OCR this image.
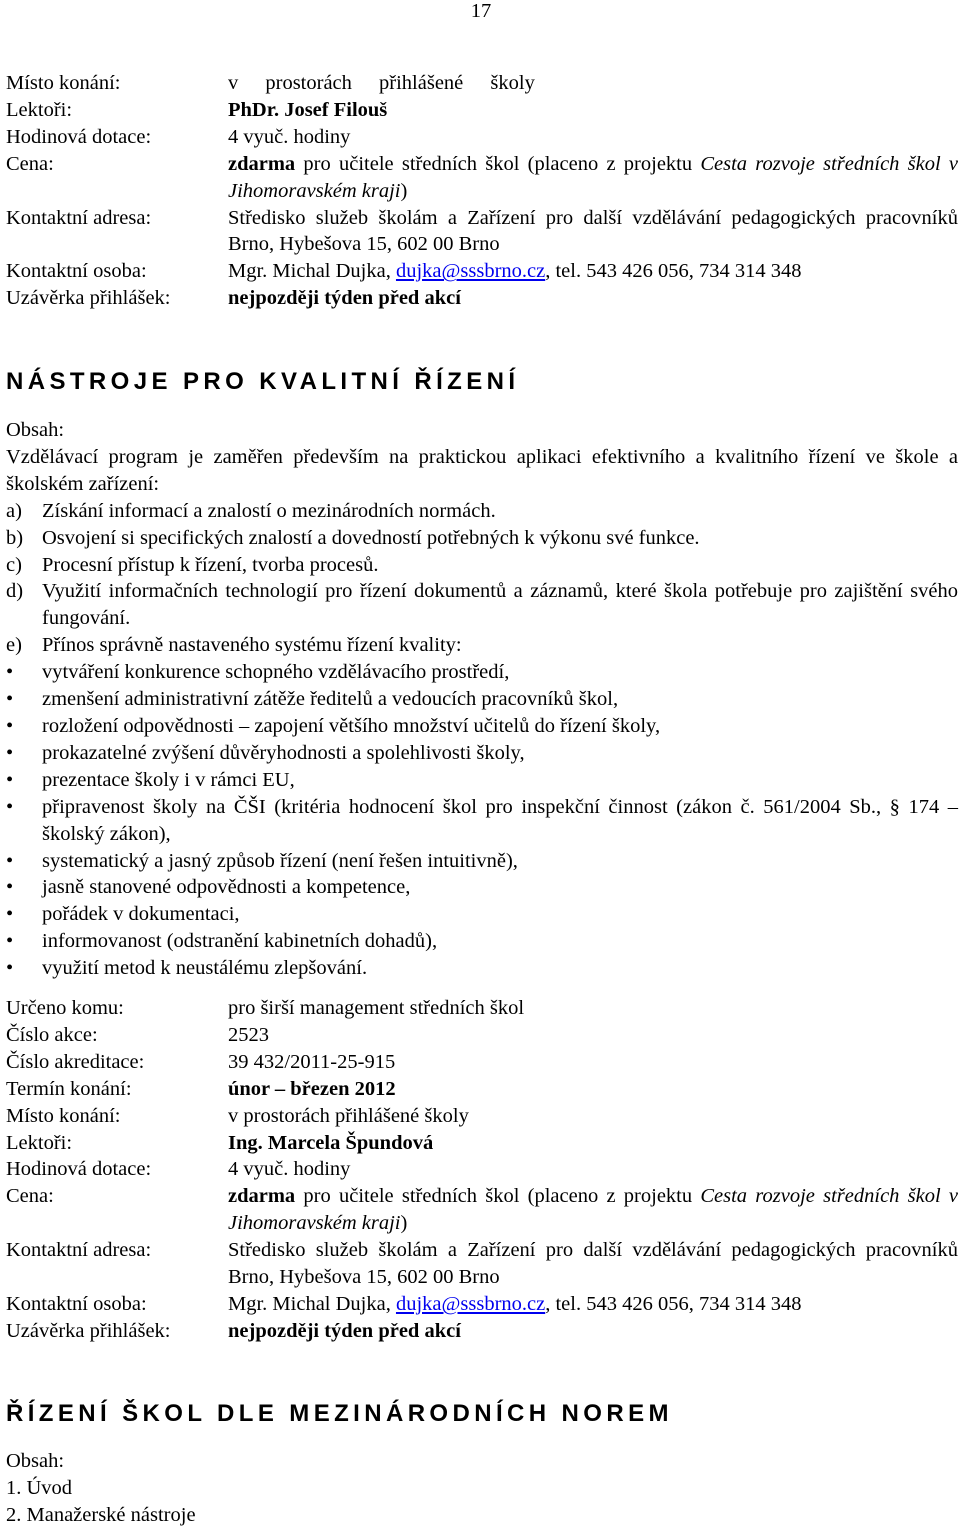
17
Místo konání:	v prostorách přihlášené školy
Lektoři:	PhDr. Josef Filouš
Hodinová dotace:	4 vyuč. hodiny
Cena:	zdarma pro učitele středních škol (placeno z projektu Cesta rozvoje středních škol v Jihomoravském kraji)
Kontaktní adresa:	Středisko služeb školám a Zařízení pro další vzdělávání pedagogických pracovníků Brno, Hybešova 15, 602 00 Brno
Kontaktní osoba:	Mgr. Michal Dujka, dujka@sssbrno.cz, tel. 543 426 056, 734 314 348
Uzávěrka přihlášek:	nejpozději týden před akcí
NÁSTROJE PRO KVALITNÍ ŘÍZENÍ
Obsah:
Vzdělávací program je zaměřen především na praktickou aplikaci efektivního a kvalitního řízení ve škole a školském zařízení:
a) Získání informací a znalostí o mezinárodních normách.
b) Osvojení si specifických znalostí a dovedností potřebných k výkonu své funkce.
c) Procesní přístup k řízení, tvorba procesů.
d) Využití informačních technologií pro řízení dokumentů a záznamů, které škola potřebuje pro zajištění svého fungování.
e) Přínos správně nastaveného systému řízení kvality:
•	vytváření konkurence schopného vzdělávacího prostředí,
•	zmenšení administrativní zátěže ředitelů a vedoucích pracovníků škol,
•	rozložení odpovědnosti – zapojení většího množství učitelů do řízení školy,
•	prokazatelné zvýšení důvěryhodnosti a spolehlivosti školy,
•	prezentace školy i v rámci EU,
•	připravenost školy na ČŠI (kritéria hodnocení škol pro inspekční činnost (zákon č. 561/2004 Sb., § 174 – školský zákon),
•	systematický a jasný způsob řízení (není řešen intuitivně),
•	jasně stanovené odpovědnosti a kompetence,
•	pořádek v dokumentaci,
•	informovanost (odstranění kabinetních dohadů),
•	využití metod k neustálému zlepšování.
Určeno komu:	pro širší management středních škol
Číslo akce:	2523
Číslo akreditace:	39 432/2011-25-915
Termín konání:	únor – březen 2012
Místo konání:	v prostorách přihlášené školy
Lektoři:	Ing. Marcela Špundová
Hodinová dotace:	4 vyuč. hodiny
Cena:	zdarma pro učitele středních škol (placeno z projektu Cesta rozvoje středních škol v Jihomoravském kraji)
Kontaktní adresa:	Středisko služeb školám a Zařízení pro další vzdělávání pedagogických pracovníků Brno, Hybešova 15, 602 00 Brno
Kontaktní osoba:	Mgr. Michal Dujka, dujka@sssbrno.cz, tel. 543 426 056, 734 314 348
Uzávěrka přihlášek:	nejpozději týden před akcí
ŘÍZENÍ ŠKOL DLE MEZINÁRODNÍCH NOREM
Obsah:
1. Úvod
2. Manažerské nástroje
